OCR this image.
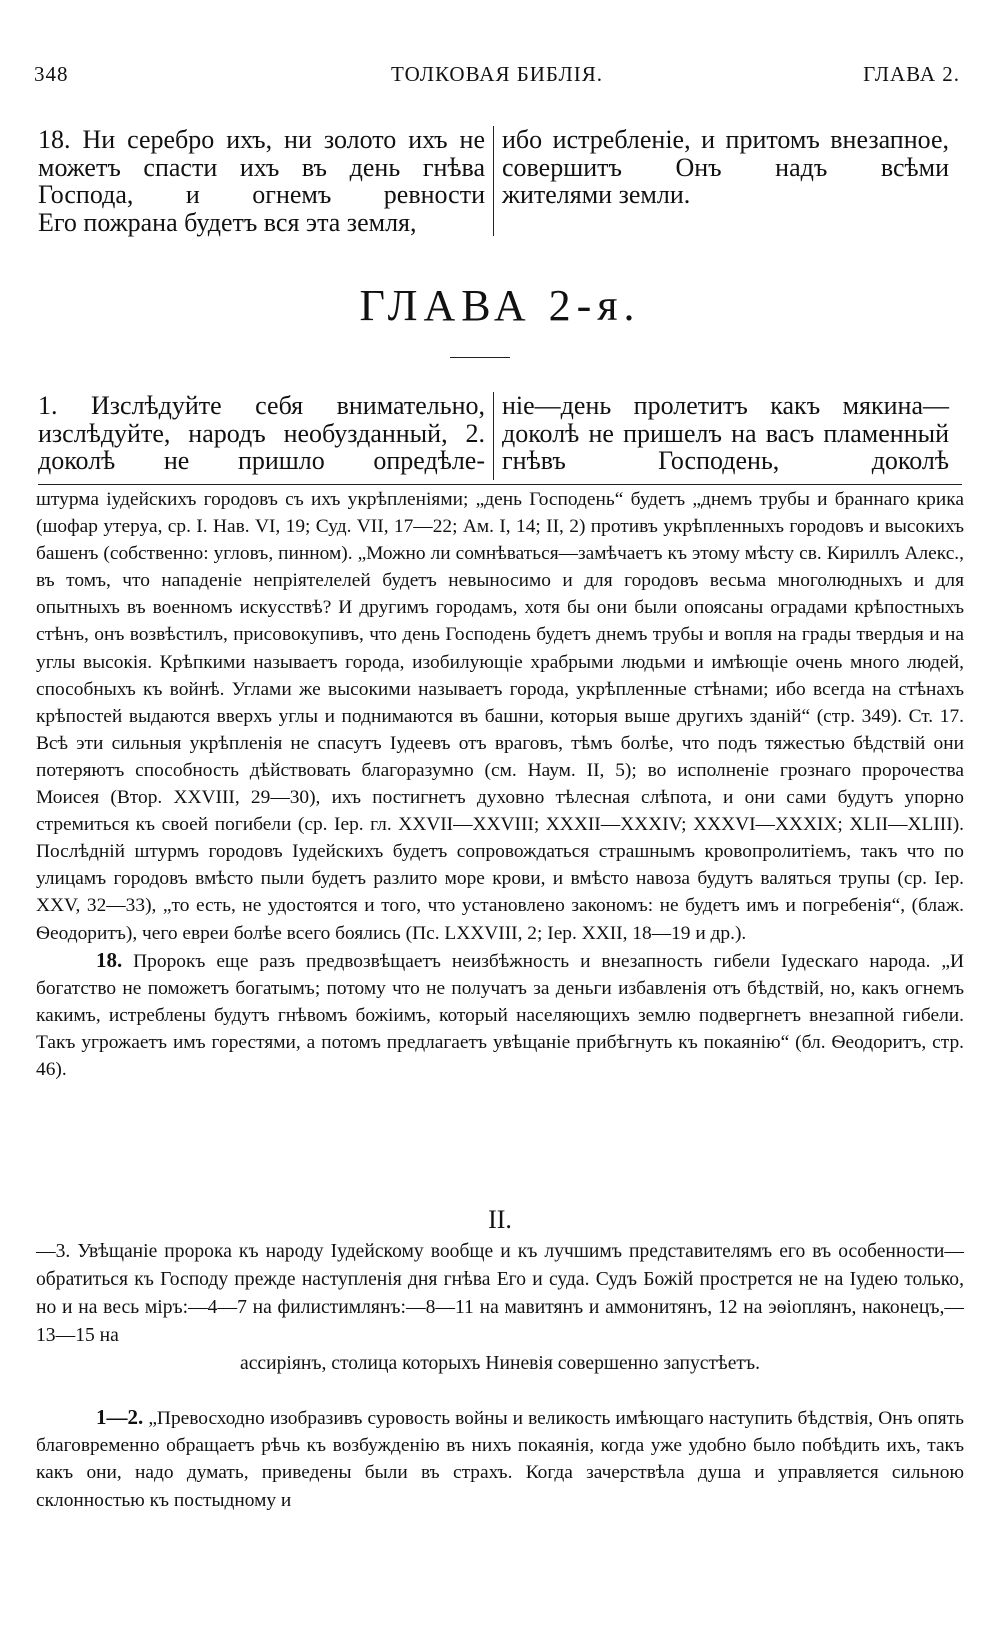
348	ТОЛКОВАЯ БИБЛІЯ.	ГЛАВА 2.

18. Ни серебро ихъ, ни золото ихъ не можетъ спасти ихъ въ день гнѣва Господа, и огнемъ ревности

Его пожрана будетъ вся эта земля,

ибо истребленіе, и притомъ внезапное, совершитъ Онъ надъ всѣми

жителями земли.

ГЛАВА 2-я.

1. Изслѣдуйте себя внимательно, изслѣдуйте, народъ необузданный, 2. доколѣ не пришло опредѣле-

ніе—день пролетитъ какъ мякина— доколѣ не пришелъ на васъ пламенный гнѣвъ Господень, доколѣ

штурма іудейскихъ городовъ съ ихъ укрѣпленіями; „день Господень“ будетъ „днемъ трубы и браннаго крика (шофар утеруа, ср. І. Нав. VI, 19; Суд. VII, 17—22; Ам. I, 14; II, 2) противъ укрѣпленныхъ городовъ и высокихъ башенъ (собственно: угловъ, пинном). „Можно ли сомнѣваться—замѣчаетъ къ этому мѣсту св. Кириллъ Алекс., въ томъ, что нападеніе непріятелелей будетъ невыносимо и для городовъ весьма многолюдныхъ и для опытныхъ въ военномъ искусствѣ? И другимъ городамъ, хотя бы они были опоясаны оградами крѣпостныхъ стѣнъ, онъ возвѣстилъ, присовокупивъ, что день Господень будетъ днемъ трубы и вопля на грады твердыя и на углы высокія. Крѣпкими называетъ города, изобилующіе храбрыми людьми и имѣющіе очень много людей, способныхъ къ войнѣ. Углами же высокими называетъ города, укрѣпленные стѣнами; ибо всегда на стѣнахъ крѣпостей выдаются вверхъ углы и поднимаются въ башни, которыя выше другихъ зданій“ (стр. 349). Ст. 17. Всѣ эти сильныя укрѣпленія не спасутъ Іудеевъ отъ враговъ, тѣмъ болѣе, что подъ тяжестью бѣдствій они потеряютъ способность дѣйствовать благоразумно (см. Наум. II, 5); во исполненіе грознаго пророчества Моисея (Втор. XXVIII, 29—30), ихъ постигнетъ духовно тѣлесная слѣпота, и они сами будутъ упорно стремиться къ своей погибели (ср. Іер. гл. XXVII—XXVIII; XXXII—XXXIV; XXXVI—XXXIX; XLII—XLIII). Послѣдній штурмъ городовъ Іудейскихъ будетъ сопровождаться страшнымъ кровопролитіемъ, такъ что по улицамъ городовъ вмѣсто пыли будетъ разлито море крови, и вмѣсто навоза будутъ валяться трупы (ср. Іер. XXV, 32—33), „то есть, не удостоятся и того, что установлено закономъ: не будетъ имъ и погребенія“, (блаж. Ѳеодоритъ), чего евреи болѣе всего боялись (Пс. LXXVIII, 2; Іер. XXII, 18—19 и др.).

18. Пророкъ еще разъ предвозвѣщаетъ неизбѣжность и внезапность гибели Іудескаго народа. „И богатство не поможетъ богатымъ; потому что не получатъ за деньги избавленія отъ бѣдствій, но, какъ огнемъ какимъ, истреблены будутъ гнѣвомъ божіимъ, который населяющихъ землю подвергнетъ внезапной гибели. Такъ угрожаетъ имъ горестями, а потомъ предлагаетъ увѣщаніе прибѣгнуть къ покаянію“ (бл. Ѳеодоритъ, стр. 46).

II.
—3. Увѣщаніе пророка къ народу Іудейскому вообще и къ лучшимъ представителямъ его въ особенности—обратиться къ Господу прежде наступленія дня гнѣва Его и суда. Судъ Божій прострется не на Іудею только, но и на весь міръ:—4—7 на филистимлянъ:—8—11 на мавитянъ и аммонитянъ, 12 на эѳіоплянъ, наконецъ,—13—15 на
ассиріянъ, столица которыхъ Ниневія совершенно запустѣетъ.

1—2. „Превосходно изобразивъ суровость войны и великость имѣющаго наступить бѣдствія, Онъ опять благовременно обращаетъ рѣчь къ возбужденію въ нихъ покаянія, когда уже удобно было побѣдить ихъ, такъ какъ они, надо думать, приведены были въ страхъ. Когда зачерствѣла душа и управляется сильною склонностью къ постыдному и
